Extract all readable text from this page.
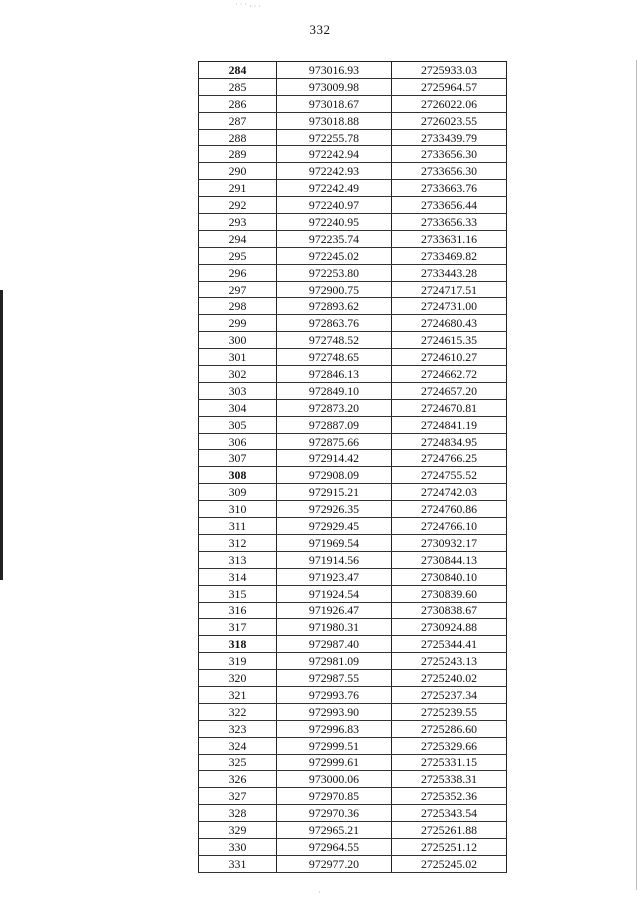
˙ ˙ ˙ · · ·
332
284	973016.93	2725933.03
285	973009.98	2725964.57
286	973018.67	2726022.06
287	973018.88	2726023.55
288	972255.78	2733439.79
289	972242.94	2733656.30
290	972242.93	2733656.30
291	972242.49	2733663.76
292	972240.97	2733656.44
293	972240.95	2733656.33
294	972235.74	2733631.16
295	972245.02	2733469.82
296	972253.80	2733443.28
297	972900.75	2724717.51
298	972893.62	2724731.00
299	972863.76	2724680.43
300	972748.52	2724615.35
301	972748.65	2724610.27
302	972846.13	2724662.72
303	972849.10	2724657.20
304	972873.20	2724670.81
305	972887.09	2724841.19
306	972875.66	2724834.95
307	972914.42	2724766.25
308	972908.09	2724755.52
309	972915.21	2724742.03
310	972926.35	2724760.86
311	972929.45	2724766.10
312	971969.54	2730932.17
313	971914.56	2730844.13
314	971923.47	2730840.10
315	971924.54	2730839.60
316	971926.47	2730838.67
317	971980.31	2730924.88
318	972987.40	2725344.41
319	972981.09	2725243.13
320	972987.55	2725240.02
321	972993.76	2725237.34
322	972993.90	2725239.55
323	972996.83	2725286.60
324	972999.51	2725329.66
325	972999.61	2725331.15
326	973000.06	2725338.31
327	972970.85	2725352.36
328	972970.36	2725343.54
329	972965.21	2725261.88
330	972964.55	2725251.12
331	972977.20	2725245.02
·
